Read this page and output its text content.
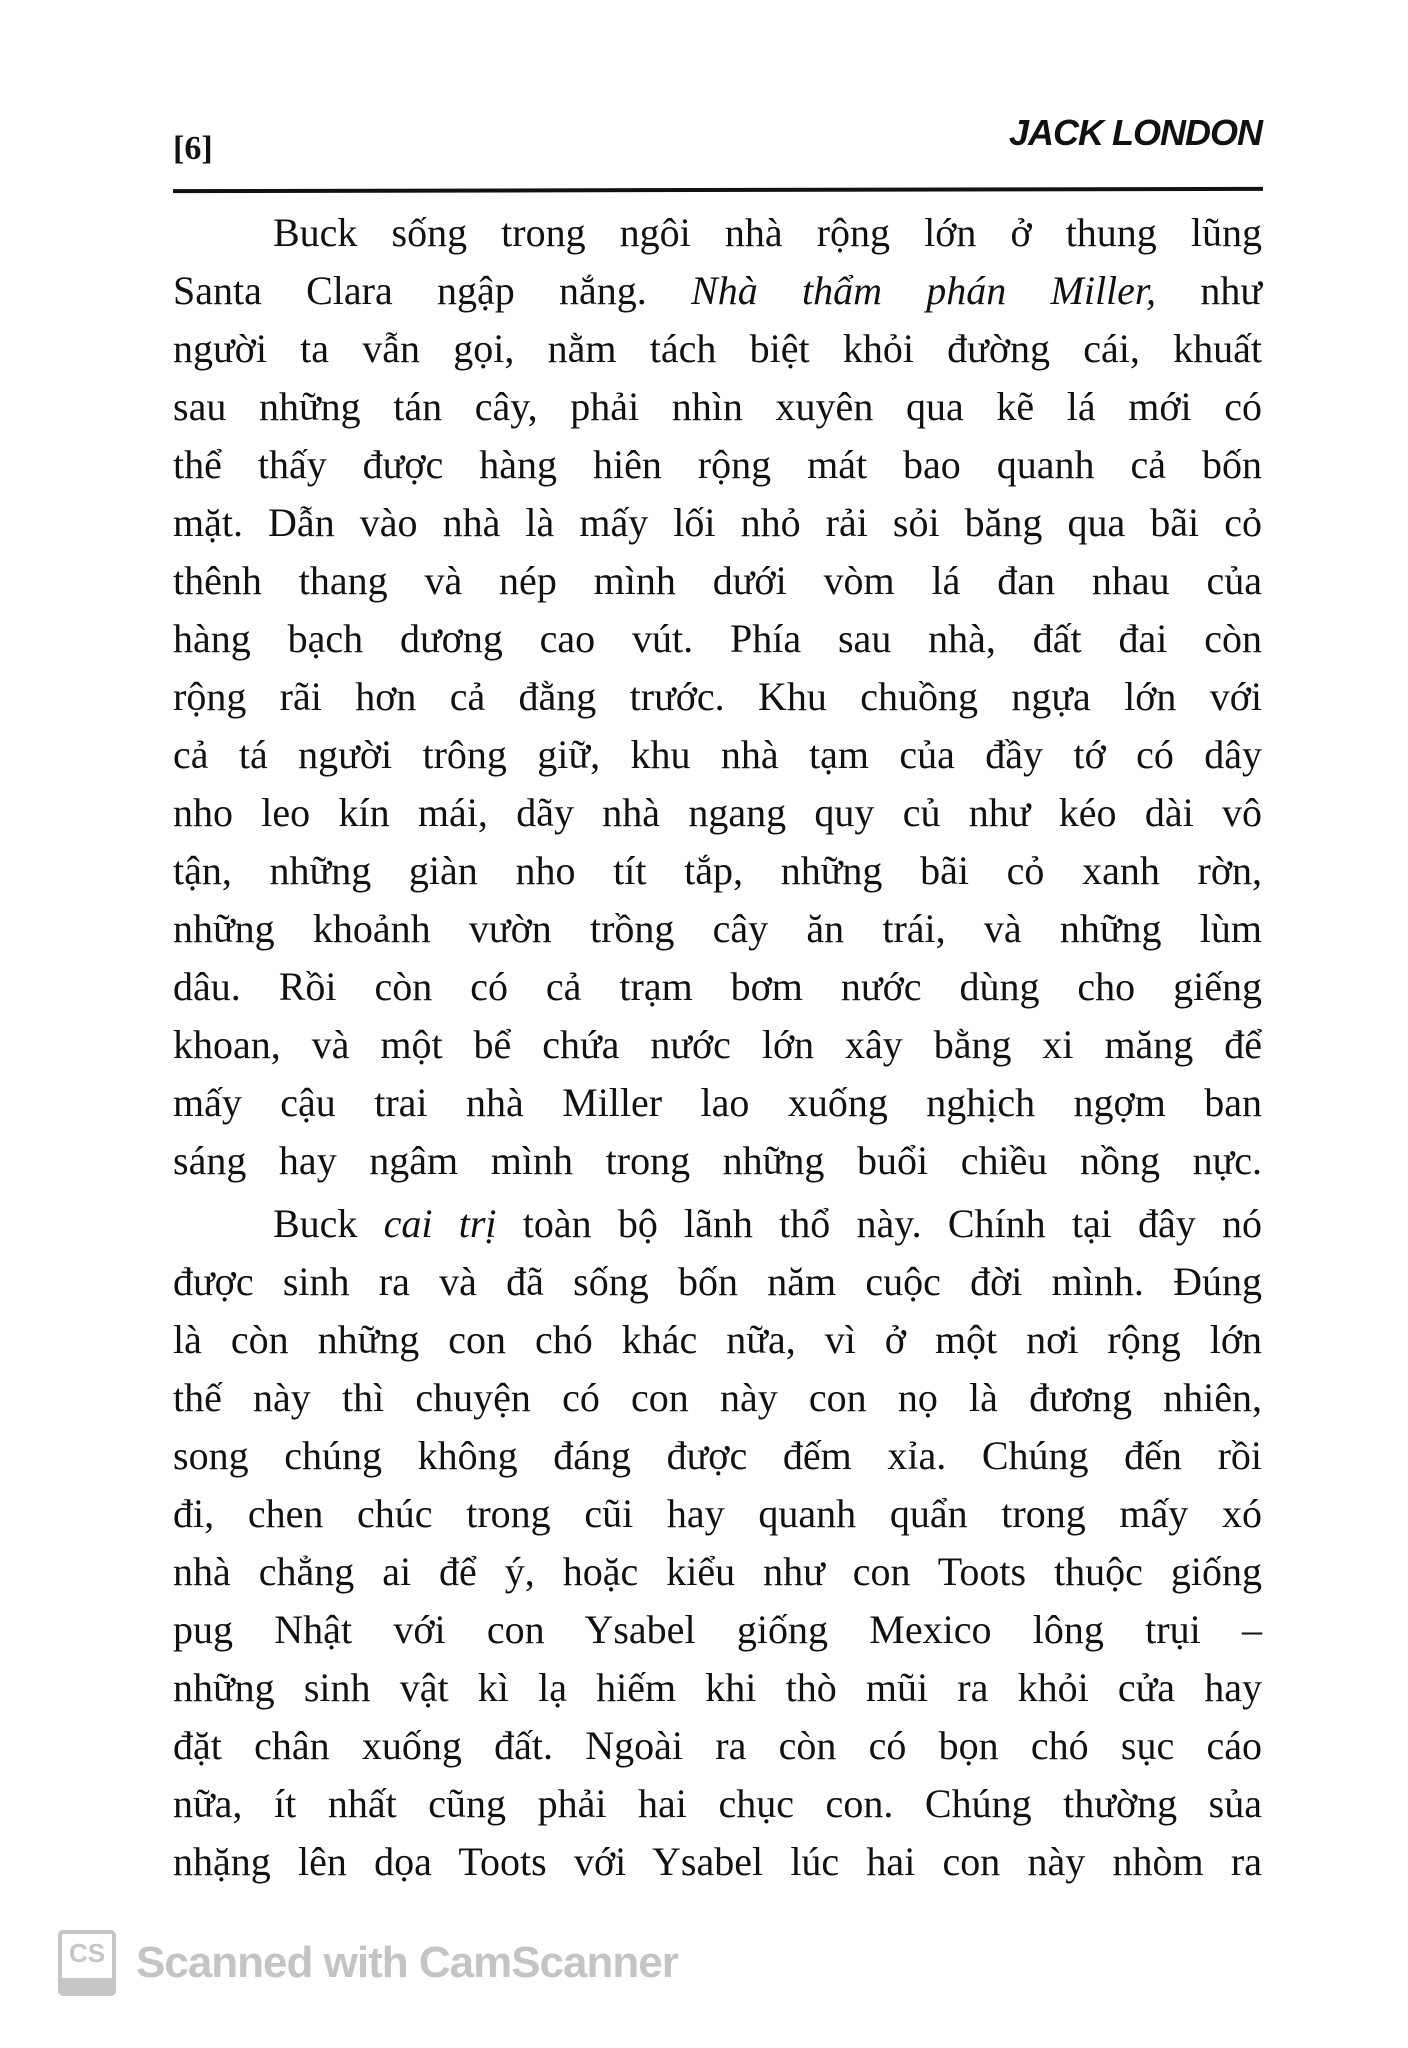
[6]	JACK LONDON
Buck sống trong ngôi nhà rộng lớn ở thung lũng
Santa Clara ngập nắng. Nhà thẩm phán Miller, như
người ta vẫn gọi, nằm tách biệt khỏi đường cái, khuất
sau những tán cây, phải nhìn xuyên qua kẽ lá mới có
thể thấy được hàng hiên rộng mát bao quanh cả bốn
mặt. Dẫn vào nhà là mấy lối nhỏ rải sỏi băng qua bãi cỏ
thênh thang và nép mình dưới vòm lá đan nhau của
hàng bạch dương cao vút. Phía sau nhà, đất đai còn
rộng rãi hơn cả đằng trước. Khu chuồng ngựa lớn với
cả tá người trông giữ, khu nhà tạm của đầy tớ có dây
nho leo kín mái, dãy nhà ngang quy củ như kéo dài vô
tận, những giàn nho tít tắp, những bãi cỏ xanh rờn,
những khoảnh vườn trồng cây ăn trái, và những lùm
dâu. Rồi còn có cả trạm bơm nước dùng cho giếng
khoan, và một bể chứa nước lớn xây bằng xi măng để
mấy cậu trai nhà Miller lao xuống nghịch ngợm ban
sáng hay ngâm mình trong những buổi chiều nồng nực.
Buck cai trị toàn bộ lãnh thổ này. Chính tại đây nó
được sinh ra và đã sống bốn năm cuộc đời mình. Đúng
là còn những con chó khác nữa, vì ở một nơi rộng lớn
thế này thì chuyện có con này con nọ là đương nhiên,
song chúng không đáng được đếm xỉa. Chúng đến rồi
đi, chen chúc trong cũi hay quanh quẩn trong mấy xó
nhà chẳng ai để ý, hoặc kiểu như con Toots thuộc giống
pug Nhật với con Ysabel giống Mexico lông trụi –
những sinh vật kì lạ hiếm khi thò mũi ra khỏi cửa hay
đặt chân xuống đất. Ngoài ra còn có bọn chó sục cáo
nữa, ít nhất cũng phải hai chục con. Chúng thường sủa
nhặng lên dọa Toots với Ysabel lúc hai con này nhòm ra
CS Scanned with CamScanner
